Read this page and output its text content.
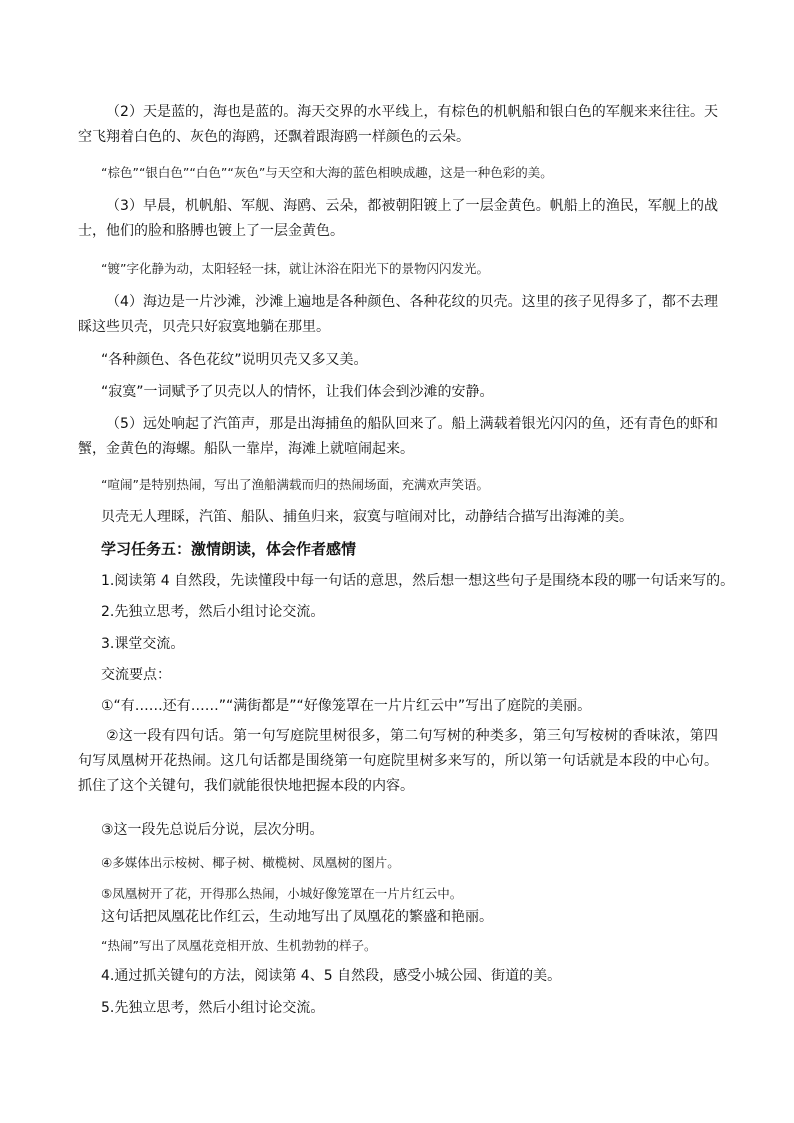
（2）天是蓝的，海也是蓝的。海天交界的水平线上，有棕色的机帆船和银白色的军舰来来往往。天空飞翔着白色的、灰色的海鸥，还飘着跟海鸥一样颜色的云朵。

“棕色”“银白色”“白色”“灰色”与天空和大海的蓝色相映成趣，这是一种色彩的美。

（3）早晨，机帆船、军舰、海鸥、云朵，都被朝阳镀上了一层金黄色。帆船上的渔民，军舰上的战士，他们的脸和胳膊也镀上了一层金黄色。

“镀”字化静为动，太阳轻轻一抹，就让沐浴在阳光下的景物闪闪发光。

（4）海边是一片沙滩，沙滩上遍地是各种颜色、各种花纹的贝壳。这里的孩子见得多了，都不去理睬这些贝壳，贝壳只好寂寞地躺在那里。

“各种颜色、各色花纹”说明贝壳又多又美。

“寂寞”一词赋予了贝壳以人的情怀，让我们体会到沙滩的安静。

（5）远处响起了汽笛声，那是出海捕鱼的船队回来了。船上满载着银光闪闪的鱼，还有青色的虾和蟹，金黄色的海螺。船队一靠岸，海滩上就喧闹起来。

“喧闹”是特别热闹，写出了渔船满载而归的热闹场面，充满欢声笑语。

贝壳无人理睬，汽笛、船队、捕鱼归来，寂寞与喧闹对比，动静结合描写出海滩的美。

学习任务五：激情朗读，体会作者感情

1.阅读第 4 自然段，先读懂段中每一句话的意思，然后想一想这些句子是围绕本段的哪一句话来写的。

2.先独立思考，然后小组讨论交流。

3.课堂交流。

交流要点：

①“有……还有……”“满街都是”“好像笼罩在一片片红云中”写出了庭院的美丽。

②这一段有四句话。第一句写庭院里树很多，第二句写树的种类多，第三句写桉树的香味浓，第四句写凤凰树开花热闹。这几句话都是围绕第一句庭院里树多来写的，所以第一句话就是本段的中心句。抓住了这个关键句，我们就能很快地把握本段的内容。

③这一段先总说后分说，层次分明。

④多媒体出示桉树、椰子树、橄榄树、凤凰树的图片。

⑤凤凰树开了花，开得那么热闹，小城好像笼罩在一片片红云中。

这句话把凤凰花比作红云，生动地写出了凤凰花的繁盛和艳丽。

“热闹”写出了凤凰花竞相开放、生机勃勃的样子。

4.通过抓关键句的方法，阅读第 4、5 自然段，感受小城公园、街道的美。

5.先独立思考，然后小组讨论交流。
